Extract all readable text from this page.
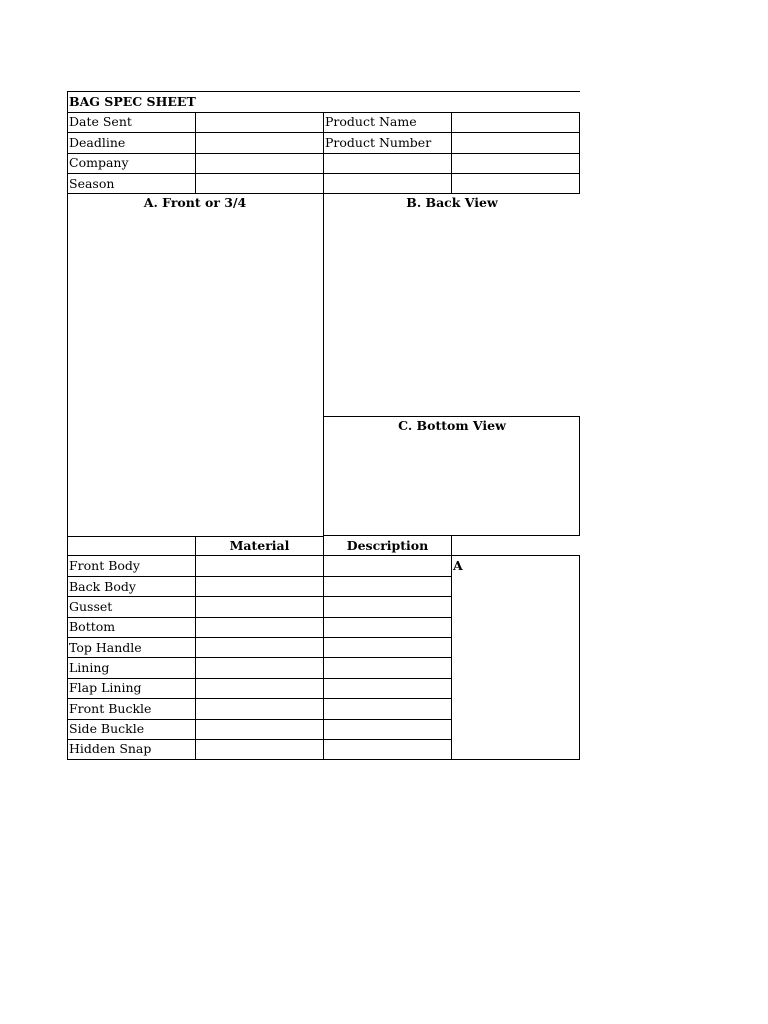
BAG SPEC SHEET
Date Sent
Deadline
Company
Season
Product Name
Product Number
A. Front or 3/4	B. Back View
C. Bottom View
Material	Description
A
Front Body
Back Body
Gusset
Bottom
Top Handle
Lining
Flap Lining
Front Buckle
Side Buckle
Hidden Snap
